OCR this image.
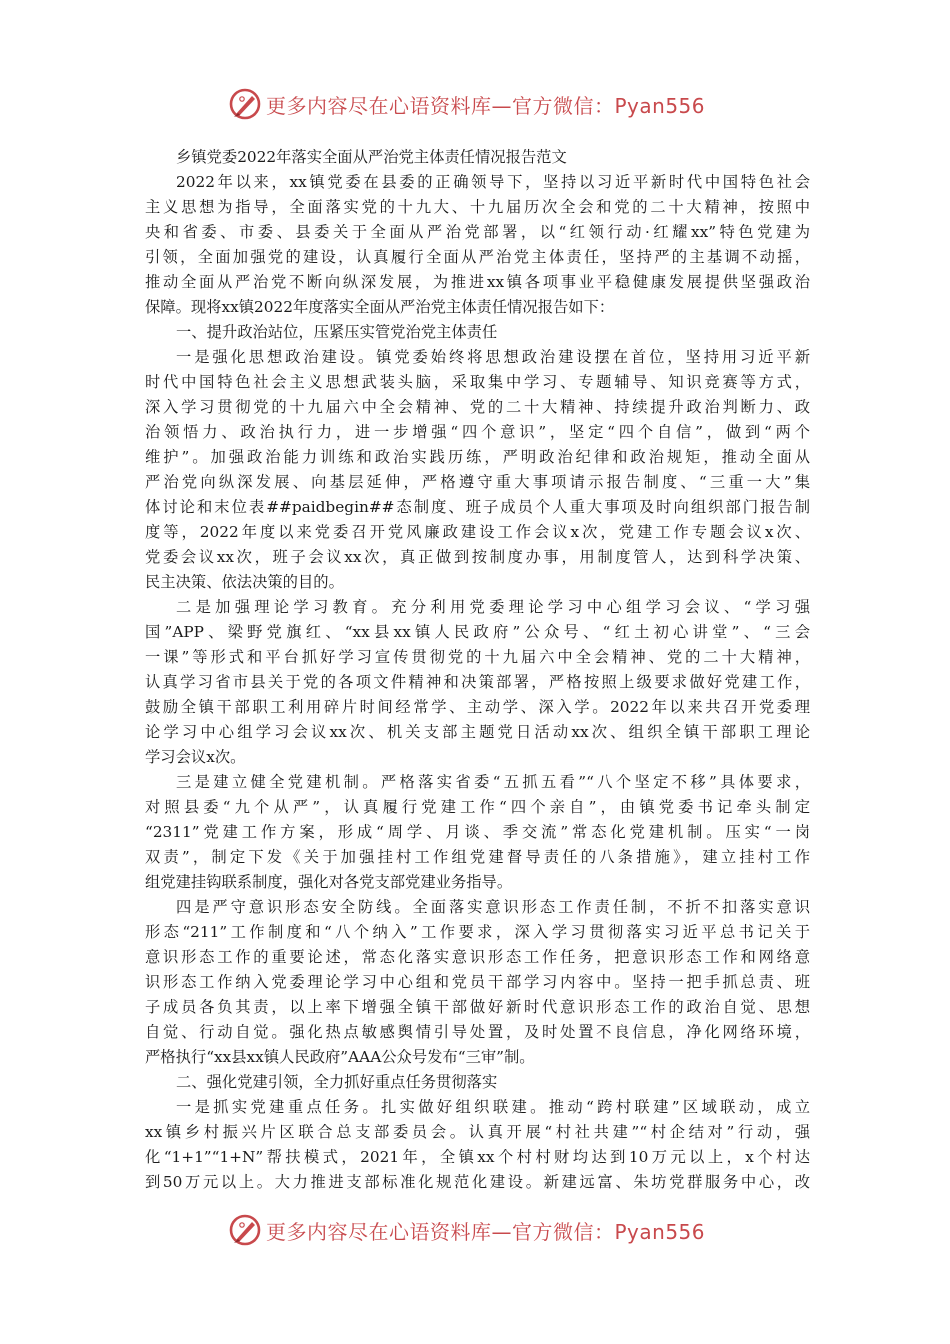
更多内容尽在心语资料库—官方微信：Pyan556
乡镇党委2022年落实全面从严治党主体责任情况报告范文
2022年以来，xx镇党委在县委的正确领导下，坚持以习近平新时代中国特色社会
主义思想为指导，全面落实党的十九大、十九届历次全会和党的二十大精神，按照中
央和省委、市委、县委关于全面从严治党部署，以“红领行动·红耀xx”特色党建为
引领，全面加强党的建设，认真履行全面从严治党主体责任，坚持严的主基调不动摇，
推动全面从严治党不断向纵深发展，为推进xx镇各项事业平稳健康发展提供坚强政治
保障。现将xx镇2022年度落实全面从严治党主体责任情况报告如下：
一、提升政治站位，压紧压实管党治党主体责任
一是强化思想政治建设。镇党委始终将思想政治建设摆在首位，坚持用习近平新
时代中国特色社会主义思想武装头脑，采取集中学习、专题辅导、知识竞赛等方式，
深入学习贯彻党的十九届六中全会精神、党的二十大精神、持续提升政治判断力、政
治领悟力、政治执行力，进一步增强“四个意识”，坚定“四个自信”，做到“两个
维护”。加强政治能力训练和政治实践历练，严明政治纪律和政治规矩，推动全面从
严治党向纵深发展、向基层延伸，严格遵守重大事项请示报告制度、“三重一大”集
体讨论和末位表##paidbegin##态制度、班子成员个人重大事项及时向组织部门报告制
度等，2022年度以来党委召开党风廉政建设工作会议x次，党建工作专题会议x次、
党委会议xx次，班子会议xx次，真正做到按制度办事，用制度管人，达到科学决策、
民主决策、依法决策的目的。
二是加强理论学习教育。充分利用党委理论学习中心组学习会议、“学习强
国”APP、梁野党旗红、“xx县xx镇人民政府”公众号、“红土初心讲堂”、“三会
一课”等形式和平台抓好学习宣传贯彻党的十九届六中全会精神、党的二十大精神，
认真学习省市县关于党的各项文件精神和决策部署，严格按照上级要求做好党建工作，
鼓励全镇干部职工利用碎片时间经常学、主动学、深入学。2022年以来共召开党委理
论学习中心组学习会议xx次、机关支部主题党日活动xx次、组织全镇干部职工理论
学习会议x次。
三是建立健全党建机制。严格落实省委“五抓五看”“八个坚定不移”具体要求，
对照县委“九个从严”，认真履行党建工作“四个亲自”，由镇党委书记牵头制定
“2311”党建工作方案，形成“周学、月谈、季交流”常态化党建机制。压实“一岗
双责”，制定下发《关于加强挂村工作组党建督导责任的八条措施》，建立挂村工作
组党建挂钩联系制度，强化对各党支部党建业务指导。
四是严守意识形态安全防线。全面落实意识形态工作责任制，不折不扣落实意识
形态“211”工作制度和“八个纳入”工作要求，深入学习贯彻落实习近平总书记关于
意识形态工作的重要论述，常态化落实意识形态工作任务，把意识形态工作和网络意
识形态工作纳入党委理论学习中心组和党员干部学习内容中。坚持一把手抓总责、班
子成员各负其责，以上率下增强全镇干部做好新时代意识形态工作的政治自觉、思想
自觉、行动自觉。强化热点敏感舆情引导处置，及时处置不良信息，净化网络环境，
严格执行“xx县xx镇人民政府”AAA公众号发布“三审”制。
二、强化党建引领，全力抓好重点任务贯彻落实
一是抓实党建重点任务。扎实做好组织联建。推动“跨村联建”区域联动，成立
xx镇乡村振兴片区联合总支部委员会。认真开展“村社共建”“村企结对”行动，强
化“1+1”“1+N”帮扶模式，2021年，全镇xx个村村财均达到10万元以上，x个村达
到50万元以上。大力推进支部标准化规范化建设。新建远富、朱坊党群服务中心，改
更多内容尽在心语资料库—官方微信：Pyan556
